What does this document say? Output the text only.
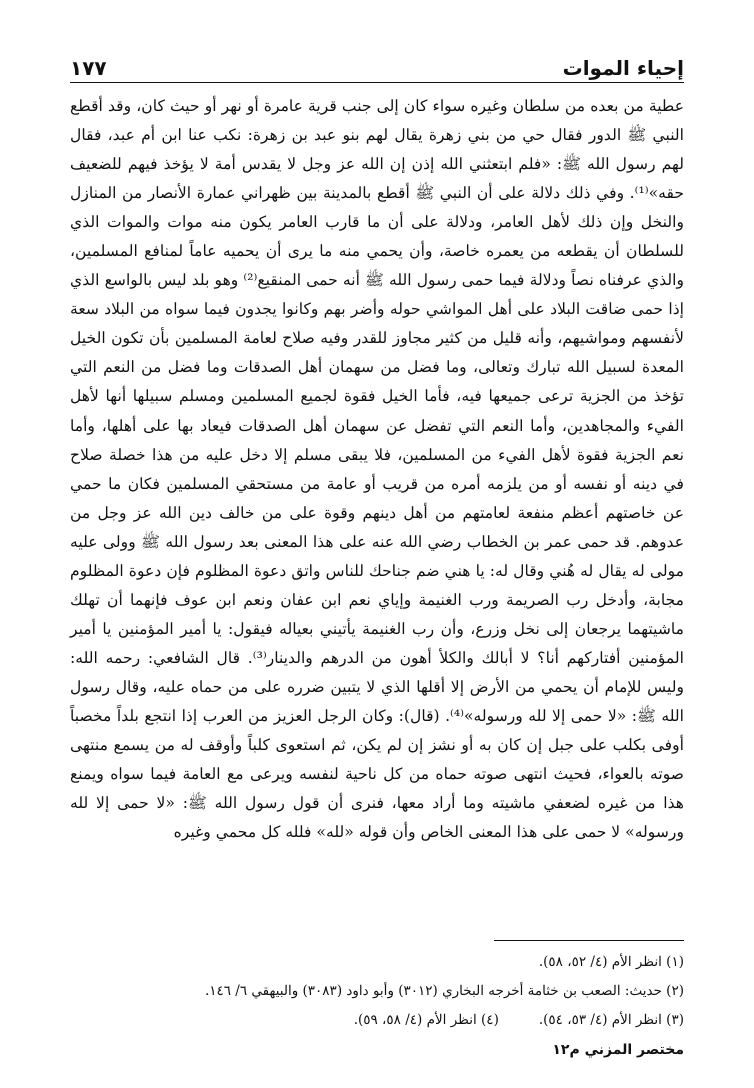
إحياء الموات
١٧٧

عطية من بعده من سلطان وغيره سواء كان إلى جنب قرية عامرة أو نهر أو حيث كان، وقد أقطع النبي ﷺ الدور فقال حي من بني زهرة يقال لهم بنو عبد بن زهرة: نكب عنا ابن أم عبد، فقال لهم رسول الله ﷺ: «فلم ابتعثني الله إذن إن الله عز وجل لا يقدس أمة لا يؤخذ فيهم للضعيف حقه»⁽¹⁾. وفي ذلك دلالة على أن النبي ﷺ أقطع بالمدينة بين ظهراني عمارة الأنصار من المنازل والنخل وإن ذلك لأهل العامر، ودلالة على أن ما قارب العامر يكون منه موات والموات الذي للسلطان أن يقطعه من يعمره خاصة، وأن يحمي منه ما يرى أن يحميه عاماً لمنافع المسلمين، والذي عرفناه نصاً ودلالة فيما حمى رسول الله ﷺ أنه حمى المنقيع⁽²⁾ وهو بلد ليس بالواسع الذي إذا حمى ضاقت البلاد على أهل المواشي حوله وأضر بهم وكانوا يجدون فيما سواه من البلاد سعة لأنفسهم ومواشيهم، وأنه قليل من كثير مجاوز للقدر وفيه صلاح لعامة المسلمين بأن تكون الخيل المعدة لسبيل الله تبارك وتعالى، وما فضل من سهمان أهل الصدقات وما فضل من النعم التي تؤخذ من الجزية ترعى جميعها فيه، فأما الخيل فقوة لجميع المسلمين ومسلم سبيلها أنها لأهل الفيء والمجاهدين، وأما النعم التي تفضل عن سهمان أهل الصدقات فيعاد بها على أهلها، وأما نعم الجزية فقوة لأهل الفيء من المسلمين، فلا يبقى مسلم إلا دخل عليه من هذا خصلة صلاح في دينه أو نفسه أو من يلزمه أمره من قريب أو عامة من مستحقي المسلمين فكان ما حمي عن خاصتهم أعظم منفعة لعامتهم من أهل دينهم وقوة على من خالف دين الله عز وجل من عدوهم. قد حمى عمر بن الخطاب رضي الله عنه على هذا المعنى بعد رسول الله ﷺ وولى عليه مولى له يقال له هُني وقال له: يا هني ضم جناحك للناس واتق دعوة المظلوم فإن دعوة المظلوم مجابة، وأدخل رب الصريمة ورب الغنيمة وإياي نعم ابن عفان ونعم ابن عوف فإنهما أن تهلك ماشيتهما يرجعان إلى نخل وزرع، وأن رب الغنيمة يأتيني بعياله فيقول: يا أمير المؤمنين يا أمير المؤمنين أفتاركهم أنا؟ لا أبالك والكلأ أهون من الدرهم والدينار⁽³⁾. قال الشافعي: رحمه الله: وليس للإمام أن يحمي من الأرض إلا أقلها الذي لا يتبين ضرره على من حماه عليه، وقال رسول الله ﷺ: «لا حمى إلا لله ورسوله»⁽⁴⁾. (قال): وكان الرجل العزيز من العرب إذا انتجع بلداً مخصباً أوفى بكلب على جبل إن كان به أو نشز إن لم يكن، ثم استعوى كلباً وأوقف له من يسمع منتهى صوته بالعواء، فحيث انتهى صوته حماه من كل ناحية لنفسه ويرعى مع العامة فيما سواه ويمنع هذا من غيره لضعفي ماشيته وما أراد معها، فنرى أن قول رسول الله ﷺ: «لا حمى إلا لله ورسوله» لا حمى على هذا المعنى الخاص وأن قوله «لله» فلله كل محمي وغيره

(١) انظر الأم (٤/ ٥٢، ٥٨).
(٢) حديث: الصعب بن خثامة أخرجه البخاري (٣٠١٢) وأبو داود (٣٠٨٣) والبيهقي ٦/ ١٤٦.
(٣) انظر الأم (٤/ ٥٣، ٥٤).
(٤) انظر الأم (٤/ ٥٨، ٥٩).
مختصر المزني م١٢
